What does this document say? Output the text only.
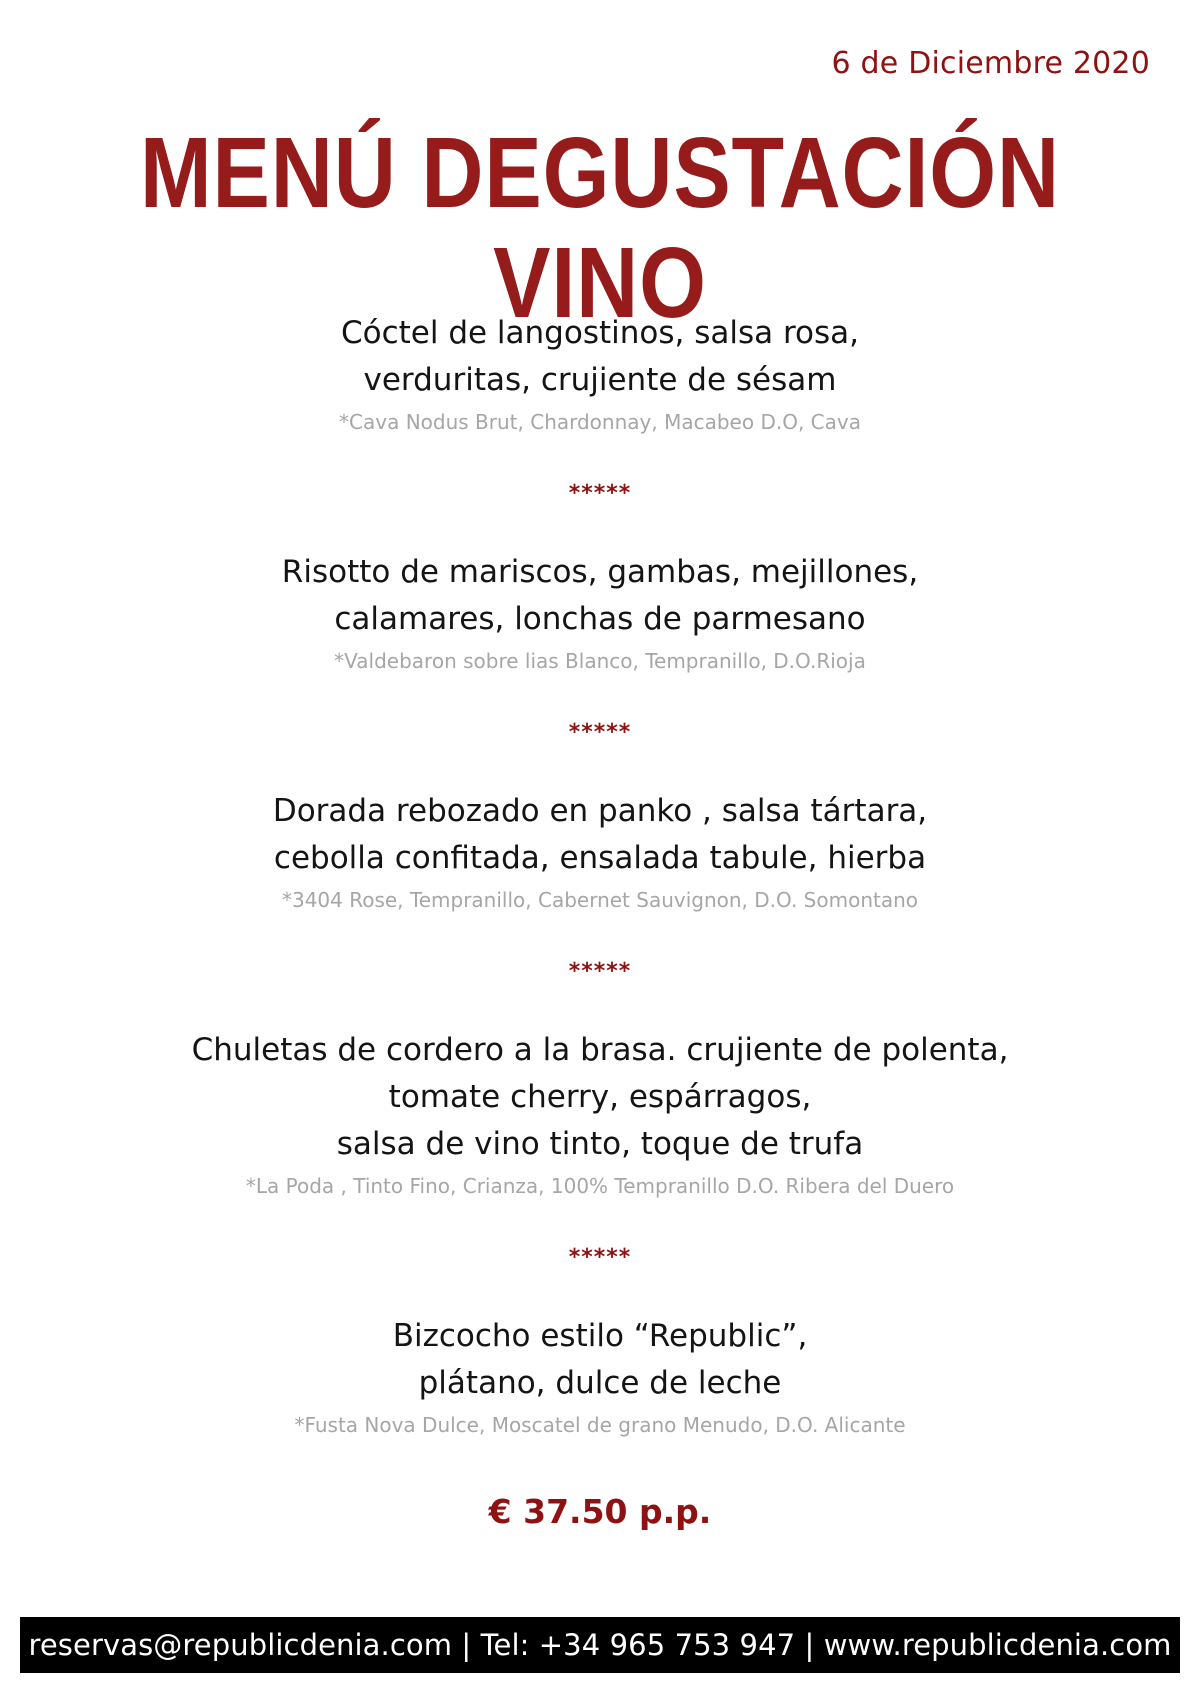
6 de Diciembre 2020
MENÚ DEGUSTACIÓN VINO
Cóctel de langostinos, salsa rosa,
verduritas, crujiente de sésam
*Cava Nodus Brut, Chardonnay, Macabeo D.O, Cava
*****
Risotto de mariscos, gambas, mejillones,
calamares, lonchas de parmesano
*Valdebaron sobre lias Blanco, Tempranillo, D.O.Rioja
*****
Dorada rebozado en panko , salsa tártara,
cebolla confitada, ensalada tabule, hierba
*3404 Rose, Tempranillo, Cabernet Sauvignon, D.O. Somontano
*****
Chuletas de cordero a la brasa. crujiente de polenta,
tomate cherry, espárragos,
salsa de vino tinto, toque de trufa
*La Poda , Tinto Fino, Crianza, 100% Tempranillo D.O. Ribera del Duero
*****
Bizcocho estilo “Republic”,
plátano, dulce de leche
*Fusta Nova Dulce, Moscatel de grano Menudo, D.O. Alicante
€ 37.50 p.p.
reservas@republicdenia.com | Tel: +34 965 753 947 | www.republicdenia.com
